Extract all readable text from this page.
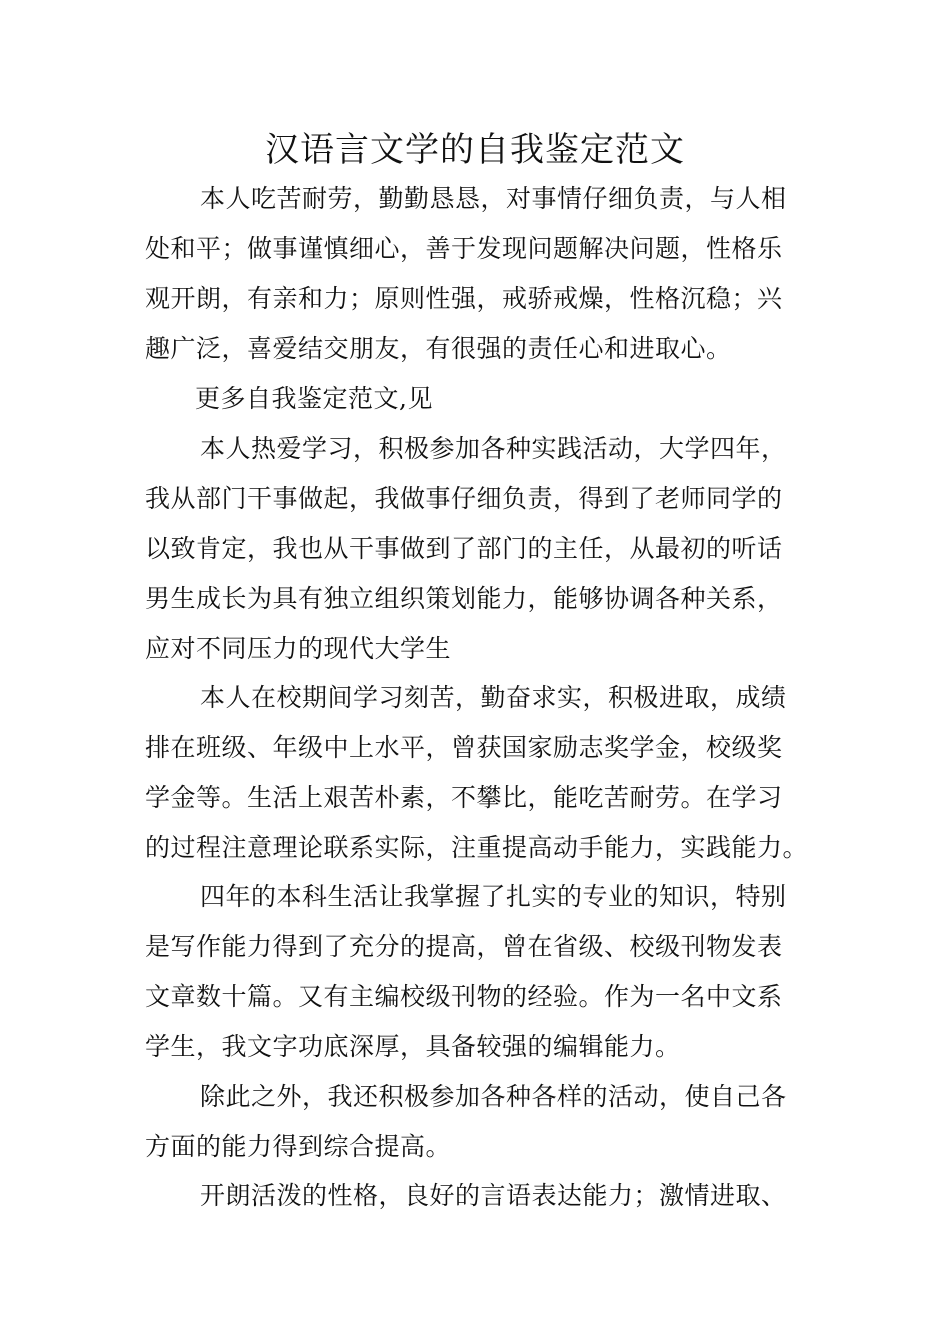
汉语言文学的自我鉴定范文
本人吃苦耐劳，勤勤恳恳，对事情仔细负责，与人相
处和平；做事谨慎细心，善于发现问题解决问题，性格乐
观开朗，有亲和力；原则性强，戒骄戒燥，性格沉稳；兴
趣广泛，喜爱结交朋友，有很强的责任心和进取心。
更多自我鉴定范文,见
本人热爱学习，积极参加各种实践活动，大学四年，
我从部门干事做起，我做事仔细负责，得到了老师同学的
以致肯定，我也从干事做到了部门的主任，从最初的听话
男生成长为具有独立组织策划能力，能够协调各种关系，
应对不同压力的现代大学生
本人在校期间学习刻苦，勤奋求实，积极进取，成绩
排在班级、年级中上水平，曾获国家励志奖学金，校级奖
学金等。生活上艰苦朴素，不攀比，能吃苦耐劳。在学习
的过程注意理论联系实际，注重提高动手能力，实践能力。
四年的本科生活让我掌握了扎实的专业的知识，特别
是写作能力得到了充分的提高，曾在省级、校级刊物发表
文章数十篇。又有主编校级刊物的经验。作为一名中文系
学生，我文字功底深厚，具备较强的编辑能力。
除此之外，我还积极参加各种各样的活动，使自己各
方面的能力得到综合提高。
开朗活泼的性格，良好的言语表达能力；激情进取、
